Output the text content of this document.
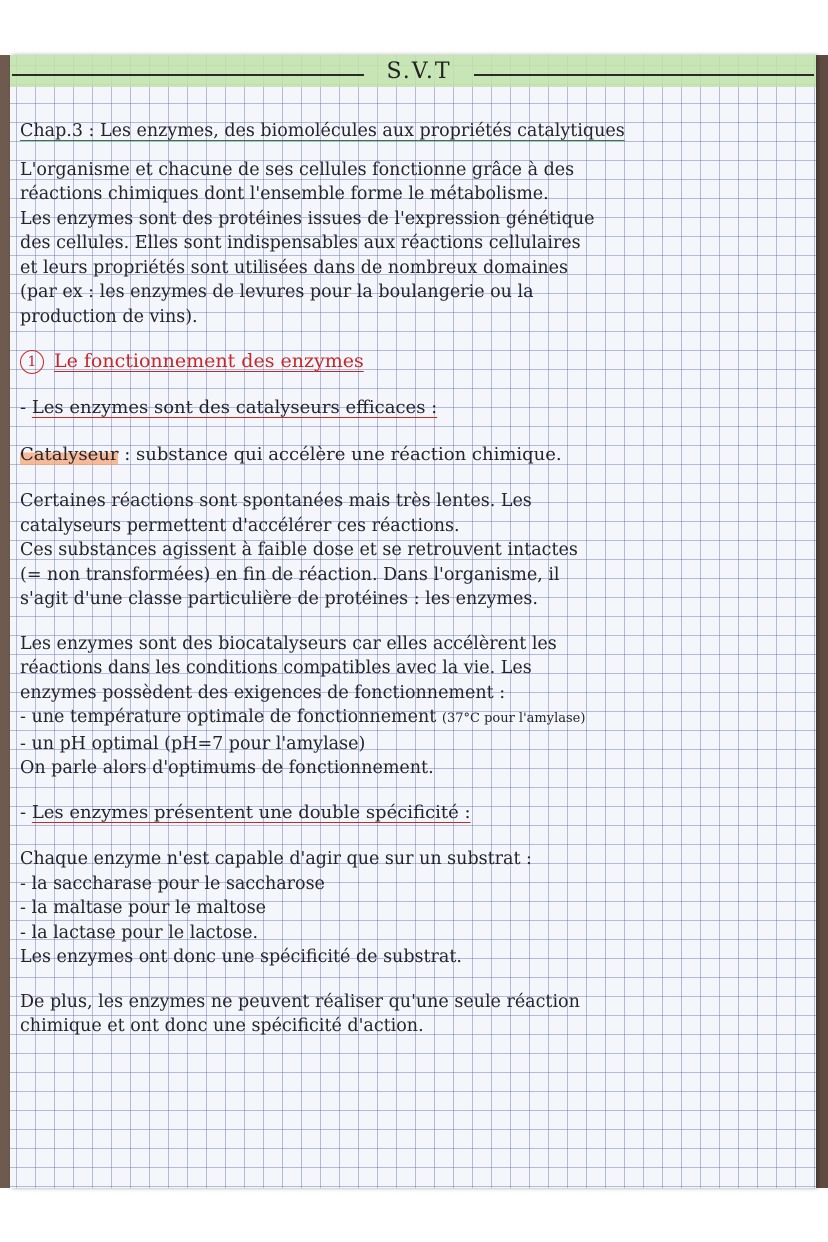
S.V.T

Chap.3 : Les enzymes, des biomolécules aux propriétés catalytiques

L'organisme et chacune de ses cellules fonctionne grâce à des

réactions chimiques dont l'ensemble forme le métabolisme.

Les enzymes sont des protéines issues de l'expression génétique

des cellules. Elles sont indispensables aux réactions cellulaires

et leurs propriétés sont utilisées dans de nombreux domaines

(par ex : les enzymes de levures pour la boulangerie ou la

production de vins).

1 Le fonctionnement des enzymes

- Les enzymes sont des catalyseurs efficaces :

Catalyseur : substance qui accélère une réaction chimique.

Certaines réactions sont spontanées mais très lentes. Les

catalyseurs permettent d'accélérer ces réactions.

Ces substances agissent à faible dose et se retrouvent intactes

(= non transformées) en fin de réaction. Dans l'organisme, il

s'agit d'une classe particulière de protéines : les enzymes.

Les enzymes sont des biocatalyseurs car elles accélèrent les

réactions dans les conditions compatibles avec la vie. Les

enzymes possèdent des exigences de fonctionnement :

- une température optimale de fonctionnement (37°C pour l'amylase)

- un pH optimal (pH=7 pour l'amylase)

On parle alors d'optimums de fonctionnement.

- Les enzymes présentent une double spécificité :

Chaque enzyme n'est capable d'agir que sur un substrat :

- la saccharase pour le saccharose

- la maltase pour le maltose

- la lactase pour le lactose.

Les enzymes ont donc une spécificité de substrat.

De plus, les enzymes ne peuvent réaliser qu'une seule réaction

chimique et ont donc une spécificité d'action.
